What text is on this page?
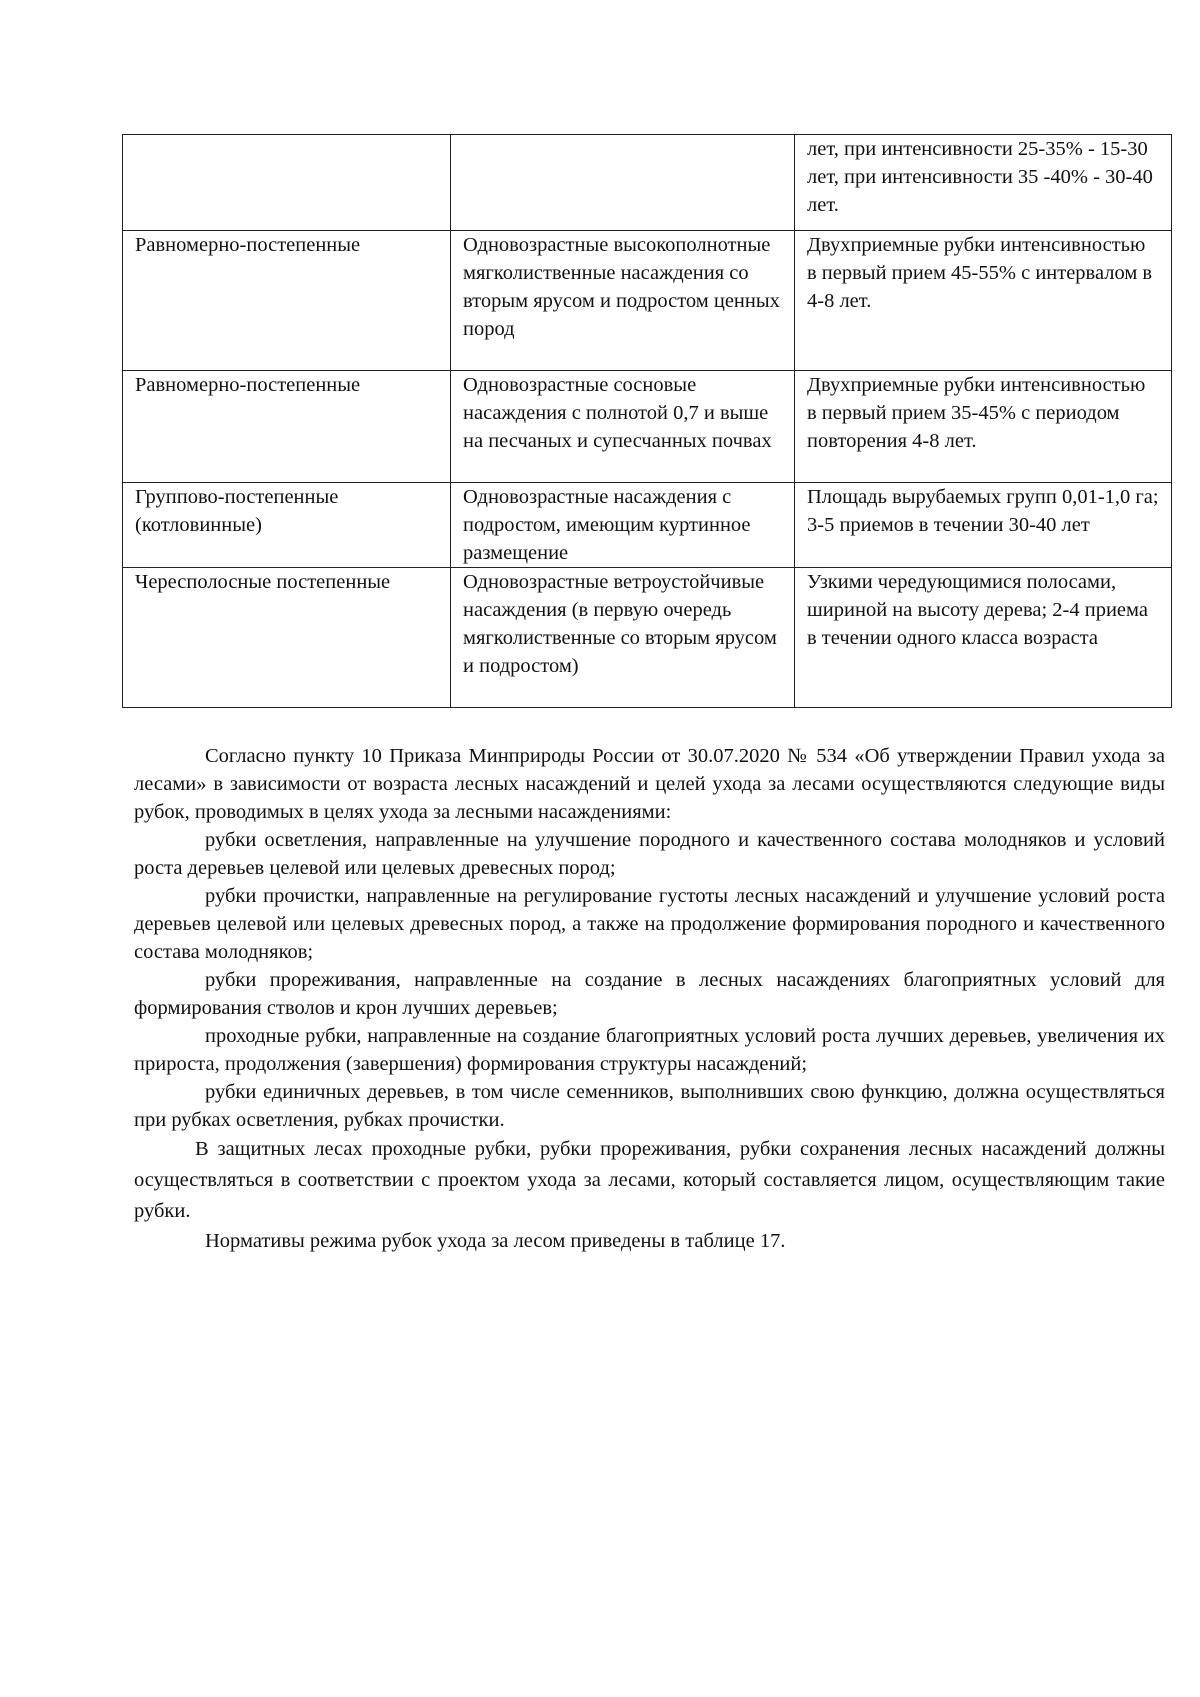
		лет, при интенсивности 25-35% - 15-30 лет, при интенсивности 35 -40% - 30-40 лет.
Равномерно-постепенные	Одновозрастные высокополнотные мягколиственные насаждения со вторым ярусом и подростом ценных пород	Двухприемные рубки интенсивностью в первый прием 45-55% с интервалом в 4-8 лет.
Равномерно-постепенные	Одновозрастные сосновые насаждения с полнотой 0,7 и выше на песчаных и супесчанных почвах	Двухприемные рубки интенсивностью в первый прием 35-45% с периодом повторения 4-8 лет.
Группово-постепенные (котловинные)	Одновозрастные насаждения с подростом, имеющим куртинное размещение	Площадь вырубаемых групп 0,01-1,0 га; 3-5 приемов в течении 30-40 лет
Чересполосные постепенные	Одновозрастные ветроустойчивые насаждения (в первую очередь мягколиственные со вторым ярусом и подростом)	Узкими чередующимися полосами, шириной на высоту дерева; 2-4 приема в течении одного класса возраста

Согласно пункту 10 Приказа Минприроды России от 30.07.2020 № 534 «Об утверждении Правил ухода за лесами» в зависимости от возраста лесных насаждений и целей ухода за лесами осуществляются следующие виды рубок, проводимых в целях ухода за лесными насаждениями:

рубки осветления, направленные на улучшение породного и качественного состава молодняков и условий роста деревьев целевой или целевых древесных пород;

рубки прочистки, направленные на регулирование густоты лесных насаждений и улучшение условий роста деревьев целевой или целевых древесных пород, а также на продолжение формирования породного и качественного состава молодняков;

рубки прореживания, направленные на создание в лесных насаждениях благоприятных условий для формирования стволов и крон лучших деревьев;

проходные рубки, направленные на создание благоприятных условий роста лучших деревьев, увеличения их прироста, продолжения (завершения) формирования структуры насаждений;

рубки единичных деревьев, в том числе семенников, выполнивших свою функцию, должна осуществляться при рубках осветления, рубках прочистки.

В защитных лесах проходные рубки, рубки прореживания, рубки сохранения лесных насаждений должны осуществляться в соответствии с проектом ухода за лесами, который составляется лицом, осуществляющим такие рубки.

Нормативы режима рубок ухода за лесом приведены в таблице 17.
